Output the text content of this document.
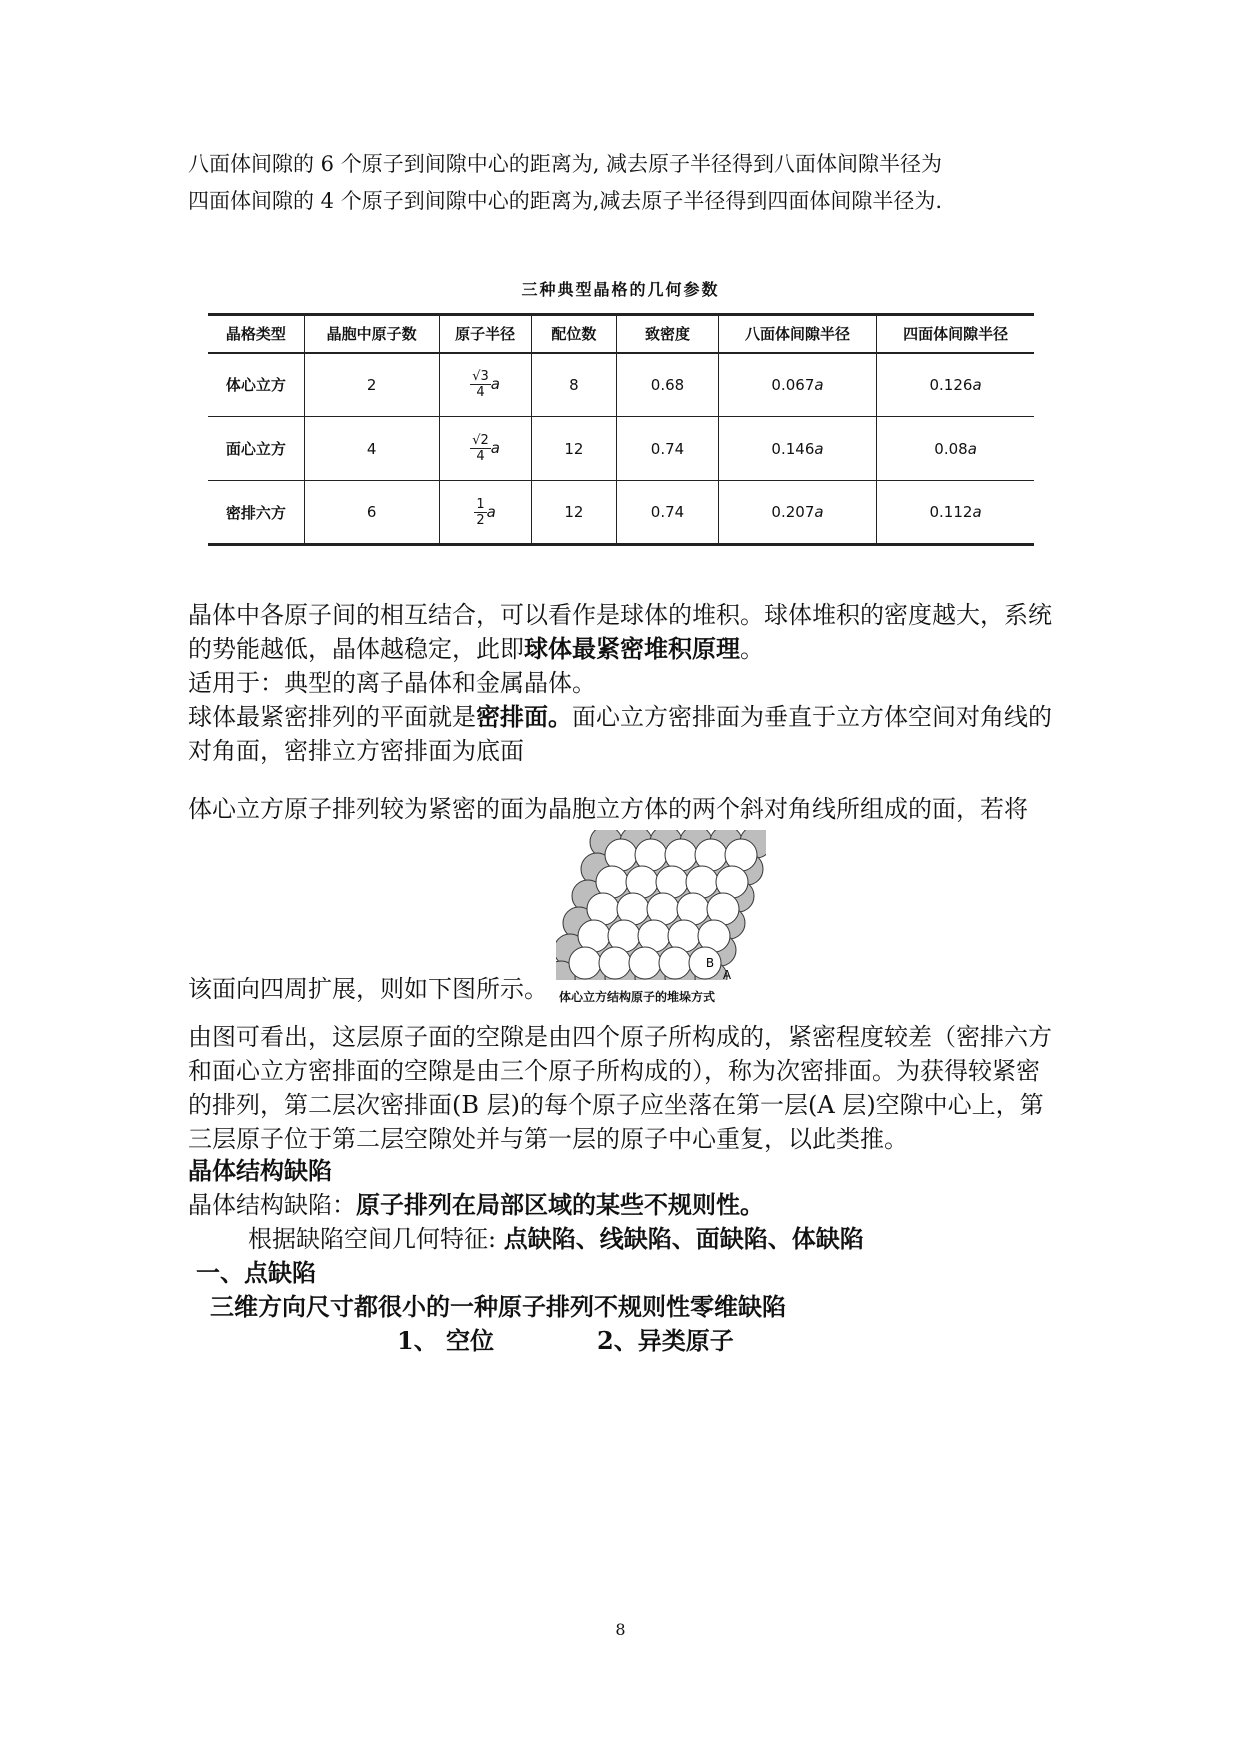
八面体间隙的 6 个原子到间隙中心的距离为, 减去原子半径得到八面体间隙半径为
四面体间隙的 4 个原子到间隙中心的距离为,减去原子半径得到四面体间隙半径为.
三种典型晶格的几何参数
晶格类型	晶胞中原子数	原子半径	配位数	致密度	八面体间隙半径	四面体间隙半径
体心立方	2	$\frac{√3}{4}$ a	8	0.68	0.067a	0.126a
面心立方	4	$\frac{√2}{4}$ a	12	0.74	0.146a	0.08a
密排六方	6	$\frac{1}{2}$ a	12	0.74	0.207a	0.112a
晶体中各原子间的相互结合，可以看作是球体的堆积。球体堆积的密度越大，系统的势能越低，晶体越稳定，此即球体最紧密堆积原理。
适用于：典型的离子晶体和金属晶体。
球体最紧密排列的平面就是密排面。面心立方密排面为垂直于立方体空间对角线的对角面，密排立方密排面为底面
体心立方原子排列较为紧密的面为晶胞立方体的两个斜对角线所组成的面，若将
B
A
该面向四周扩展，则如下图所示。 体心立方结构原子的堆垛方式
由图可看出，这层原子面的空隙是由四个原子所构成的，紧密程度较差（密排六方和面心立方密排面的空隙是由三个原子所构成的），称为次密排面。为获得较紧密的排列，第二层次密排面(B 层)的每个原子应坐落在第一层(A 层)空隙中心上，第三层原子位于第二层空隙处并与第一层的原子中心重复，以此类推。
晶体结构缺陷
晶体结构缺陷：原子排列在局部区域的某些不规则性。
根据缺陷空间几何特征: 点缺陷、线缺陷、面缺陷、体缺陷
一、点缺陷
三维方向尺寸都很小的一种原子排列不规则性零维缺陷
1、 空位	2、异类原子
8
